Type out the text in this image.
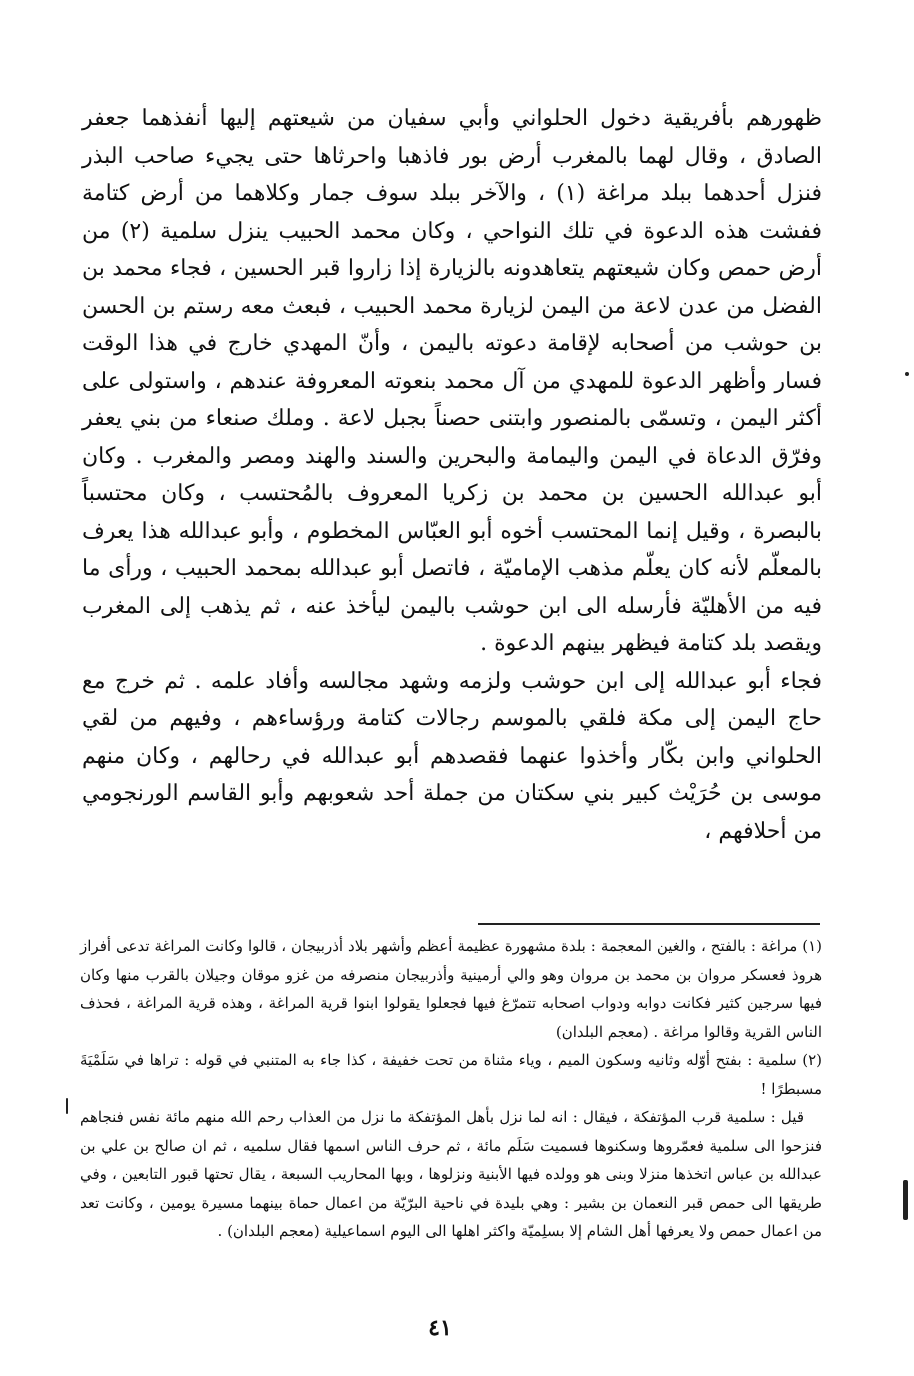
ظهورهم بأفريقية دخول الحلواني وأبي سفيان من شيعتهم إليها أنفذهما جعفر الصادق ، وقال لهما بالمغرب أرض بور فاذهبا واحرثاها حتى يجيء صاحب البذر فنزل أحدهما ببلد مراغة (١) ، والآخر ببلد سوف جمار وكلاهما من أرض كتامة ففشت هذه الدعوة في تلك النواحي ، وكان محمد الحبيب ينزل سلمية (٢) من أرض حمص وكان شيعتهم يتعاهدونه بالزيارة إذا زاروا قبر الحسين ، فجاء محمد بن الفضل من عدن لاعة من اليمن لزيارة محمد الحبيب ، فبعث معه رستم بن الحسن بن حوشب من أصحابه لإقامة دعوته باليمن ، وأنّ المهدي خارج في هذا الوقت فسار وأظهر الدعوة للمهدي من آل محمد بنعوته المعروفة عندهم ، واستولى على أكثر اليمن ، وتسمّى بالمنصور وابتنى حصناً بجبل لاعة . وملك صنعاء من بني يعفر وفرّق الدعاة في اليمن واليمامة والبحرين والسند والهند ومصر والمغرب . وكان أبو عبدالله الحسين بن محمد بن زكريا المعروف بالمُحتسب ، وكان محتسباً بالبصرة ، وقيل إنما المحتسب أخوه أبو العبّاس المخطوم ، وأبو عبدالله هذا يعرف بالمعلّم لأنه كان يعلّم مذهب الإماميّة ، فاتصل أبو عبدالله بمحمد الحبيب ، ورأى ما فيه من الأهليّة فأرسله الى ابن حوشب باليمن ليأخذ عنه ، ثم يذهب إلى المغرب ويقصد بلد كتامة فيظهر بينهم الدعوة .

فجاء أبو عبدالله إلى ابن حوشب ولزمه وشهد مجالسه وأفاد علمه . ثم خرج مع حاج اليمن إلى مكة فلقي بالموسم رجالات كتامة ورؤساءهم ، وفيهم من لقي الحلواني وابن بكّار وأخذوا عنهما فقصدهم أبو عبدالله في رحالهم ، وكان منهم موسى بن حُرَيْث كبير بني سكتان من جملة أحد شعوبهم وأبو القاسم الورنجومي من أحلافهم ،

(١) مراغة : بالفتح ، والغين المعجمة : بلدة مشهورة عظيمة أعظم وأشهر بلاد أذربيجان ، قالوا وكانت المراغة تدعى أفراز هروذ فعسكر مروان بن محمد بن مروان وهو والي أرمينية وأذربيجان منصرفه من غزو موقان وجيلان بالقرب منها وكان فيها سرجين كثير فكانت دوابه ودواب اصحابه تتمرّغ فيها فجعلوا يقولوا ابنوا قرية المراغة ، وهذه قرية المراغة ، فحذف الناس القرية وقالوا مراغة . (معجم البلدان)

(٢) سلمية : بفتح أوّله وثانيه وسكون الميم ، وياء مثناة من تحت خفيفة ، كذا جاء به المتنبي في قوله : تراها في سَلَمْيَةَ مسبطرًا !

قيل : سلمية قرب المؤتفكة ، فيقال : انه لما نزل بأهل المؤتفكة ما نزل من العذاب رحم الله منهم مائة نفس فنجاهم فنزحوا الى سلمية فعمّروها وسكنوها فسميت سَلَم مائة ، ثم حرف الناس اسمها فقال سلميه ، ثم ان صالح بن علي بن عبدالله بن عباس اتخذها منزلا وبنى هو وولده فيها الأبنية ونزلوها ، وبها المحاريب السبعة ، يقال تحتها قبور التابعين ، وفي طريقها الى حمص قبر النعمان بن بشير : وهي بليدة في ناحية البرّيّة من اعمال حماة بينهما مسيرة يومين ، وكانت تعد من اعمال حمص ولا يعرفها أهل الشام إلا بسلِميّة واكثر اهلها الى اليوم اسماعيلية (معجم البلدان) .

٤١
